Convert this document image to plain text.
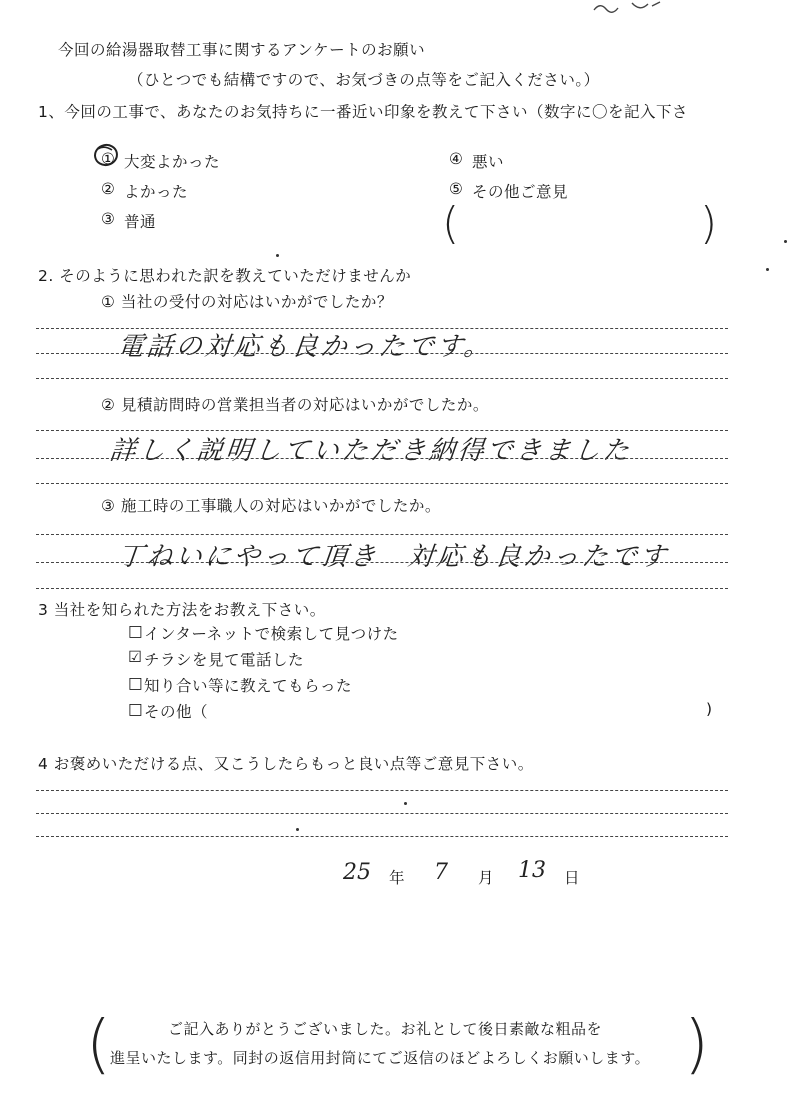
今回の給湯器取替工事に関するアンケートのお願い
（ひとつでも結構ですので、お気づきの点等をご記入ください。）
1、今回の工事で、あなたのお気持ちに一番近い印象を教えて下さい（数字に〇を記入下さ
① 大変よかった
② よかった
③ 普通
④ 悪い
⑤ その他ご意見
(	)
2. そのように思われた訳を教えていただけませんか
① 当社の受付の対応はいかがでしたか？
電話の対応も良かったです。
② 見積訪問時の営業担当者の対応はいかがでしたか。
詳しく説明していただき納得できました
③ 施工時の工事職人の対応はいかがでしたか。
丁ねいにやって頂き　対応も良かったです
3 当社を知られた方法をお教え下さい。
□ インターネットで検索して見つけた
☑ チラシを見て電話した
□ 知り合い等に教えてもらった
□ その他（	)
4 お褒めいただける点、又こうしたらもっと良い点等ご意見下さい。
25 年 7 月 13 日
(	ご記入ありがとうございました。お礼として後日素敵な粗品を
進呈いたします。同封の返信用封筒にてご返信のほどよろしくお願いします。 )
